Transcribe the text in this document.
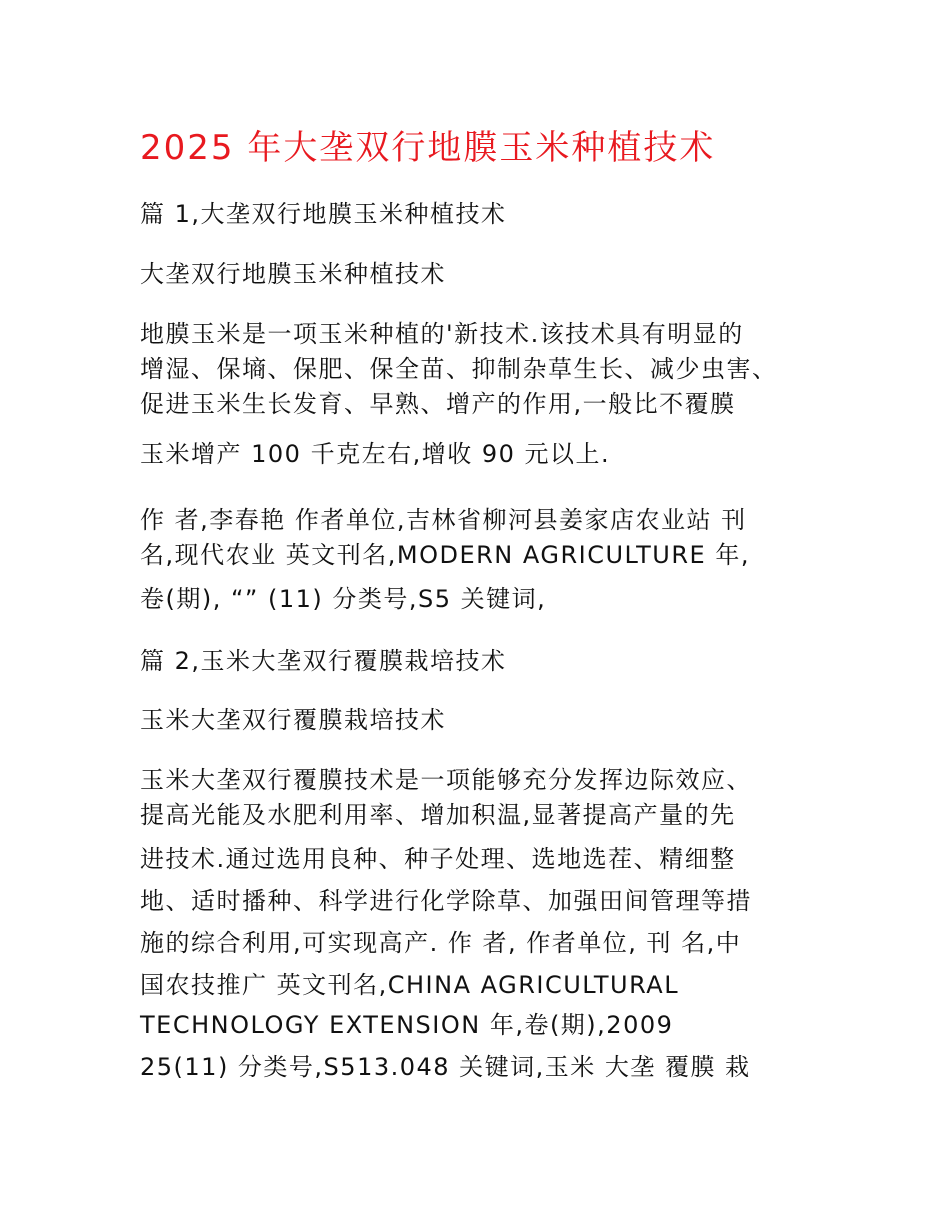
2025 年大垄双行地膜玉米种植技术

篇 1,大垄双行地膜玉米种植技术

大垄双行地膜玉米种植技术

地膜玉米是一项玉米种植的'新技术.该技术具有明显的

增湿、保墒、保肥、保全苗、抑制杂草生长、减少虫害、

促进玉米生长发育、早熟、增产的作用,一般比不覆膜

玉米增产 100 千克左右,增收 90 元以上.

作 者,李春艳 作者单位,吉林省柳河县姜家店农业站 刊

名,现代农业 英文刊名,MODERN AGRICULTURE 年,

卷(期), “” (11) 分类号,S5 关键词,

篇 2,玉米大垄双行覆膜栽培技术

玉米大垄双行覆膜栽培技术

玉米大垄双行覆膜技术是一项能够充分发挥边际效应、

提高光能及水肥利用率、增加积温,显著提高产量的先

进技术.通过选用良种、种子处理、选地选茬、精细整

地、适时播种、科学进行化学除草、加强田间管理等措

施的综合利用,可实现高产. 作 者, 作者单位, 刊 名,中

国农技推广 英文刊名,CHINA AGRICULTURAL

TECHNOLOGY EXTENSION 年,卷(期),2009

25(11) 分类号,S513.048 关键词,玉米 大垄 覆膜 栽
